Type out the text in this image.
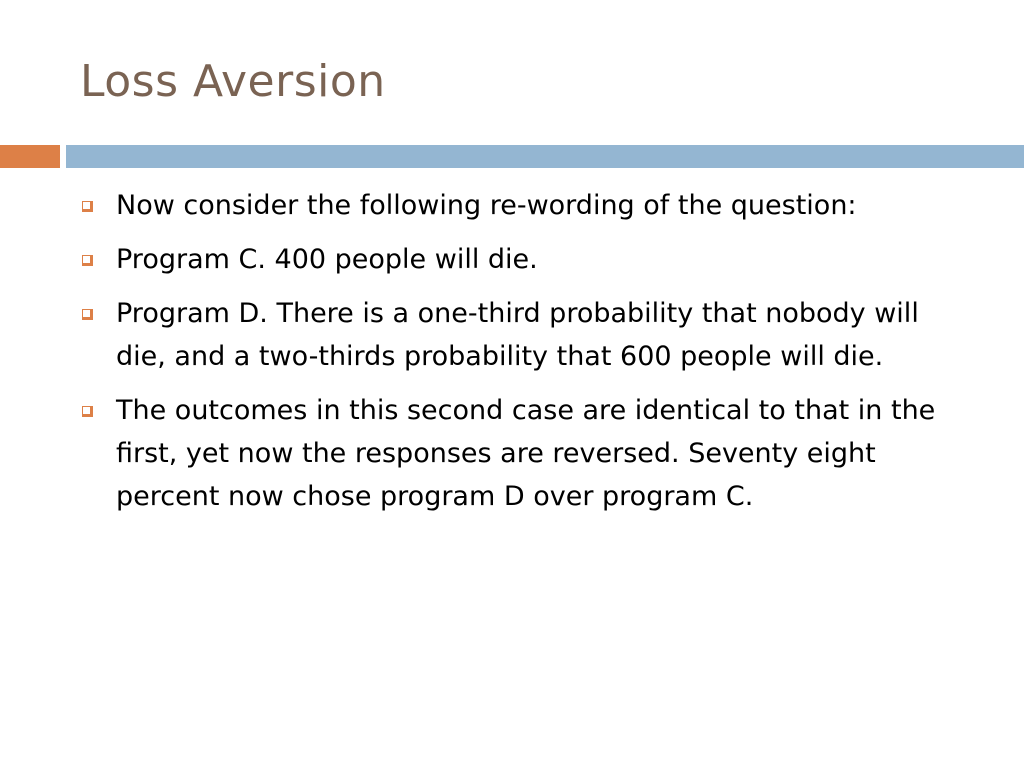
Loss Aversion
Now consider the following re-wording of the question:
Program C. 400 people will die.
Program D. There is a one-third probability that nobody will die, and a two-thirds probability that 600 people will die.
The outcomes in this second case are identical to that in the first, yet now the responses are reversed. Seventy eight percent now chose program D over program C.
